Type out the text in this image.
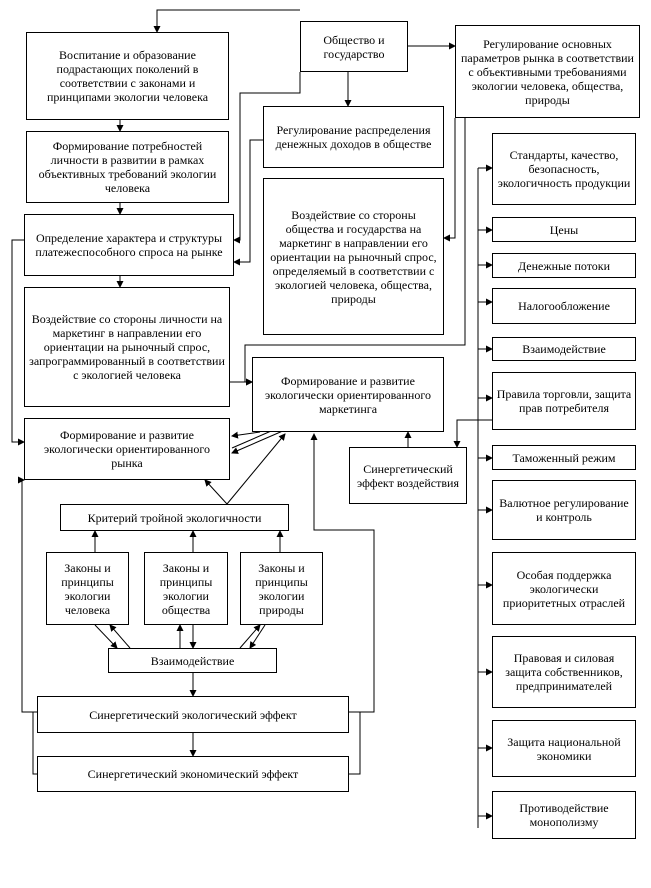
Общество и государство
Регулирование основных параметров рынка в соответствии с объективными требованиями экологии человека, общества, природы
Воспитание и образование подрастающих поколений в соответствии с законами и принципами экологии человека
Регулирование распределения денежных доходов в обществе
Формирование потребностей личности в развитии в рамках объективных требований экологии человека
Воздействие со стороны общества и государства на маркетинг в направлении его ориентации на рыночный спрос, определяемый в соответствии с экологией человека, общества, природы
Определение характера и структуры платежеспособного спроса на рынке
Воздействие со стороны личности на маркетинг в направлении его ориентации на рыночный спрос, запрограммированный в соответствии с экологией человека	Формирование и развитие экологически ориентированного маркетинга
Формирование и развитие экологически ориентированного рынка	Синергетический эффект воздействия
Критерий тройной экологичности
Законы и принципы экологии человека
Законы и принципы экологии общества
Законы и принципы экологии природы
Взаимодействие
Синергетический экологический эффект
Синергетический экономический эффект
Стандарты, качество, безопасность, экологичность продукции
Цены
Денежные потоки
Налогообложение
Взаимодействие
Правила торговли, защита прав потребителя
Таможенный режим
Валютное регулирование и контроль
Особая поддержка экологически приоритетных отраслей
Правовая и силовая защита собственников, предпринимателей
Защита национальной экономики
Противодействие монополизму
